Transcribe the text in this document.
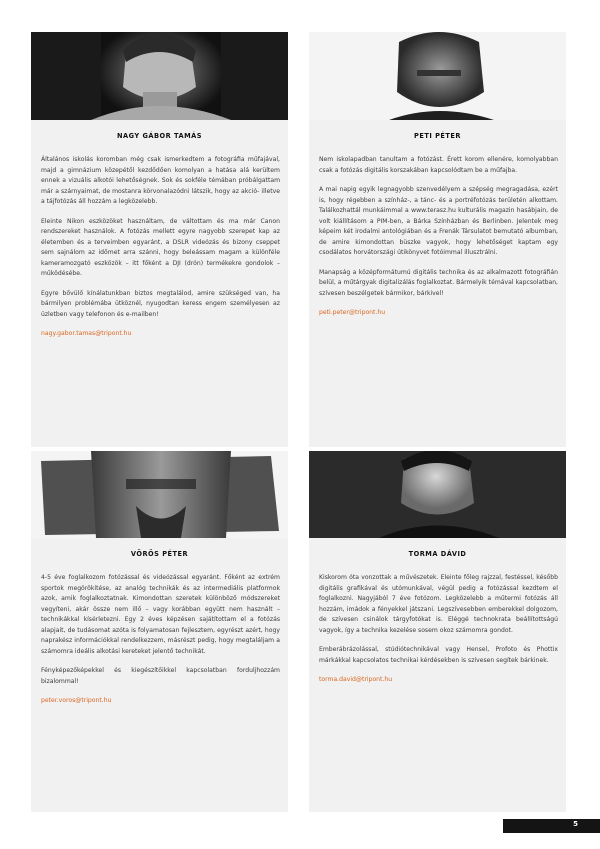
NAGY GÁBOR TAMÁS

Általános iskolás koromban még csak ismerkedtem a fotográfia műfajával, majd a gimnázium közepétől kezdődően komolyan a hatása alá kerültem ennek a vizuális alkotói lehetőségnek. Sok és sokféle témában próbálgattam már a szárnyaimat, de mostanra körvonalazódni látszik, hogy az akció- illetve a tájfotózás áll hozzám a legközelebb.

Eleinte Nikon eszközöket használtam, de váltottam és ma már Canon rendszereket használok. A fotózás mellett egyre nagyobb szerepet kap az életemben és a terveimben egyaránt, a DSLR videózás és bizony cseppet sem sajnálom az időmet arra szánni, hogy beleássam magam a különféle kameramozgató eszközök – itt főként a DJI (drón) termékekre gondolok – működésébe.

Egyre bővülő kínálatunkban biztos megtalálod, amire szükséged van, ha bármilyen problémába ütköznél, nyugodtan keress engem személyesen az üzletben vagy telefonon és e-mailben!

nagy.gabor.tamas@tripont.hu
PETI PÉTER

Nem iskolapadban tanultam a fotózást. Érett korom ellenére, komolyabban csak a fotózás digitális korszakában kapcsolódtam be a műfajba.

A mai napig egyik legnagyobb szenvedélyem a szépség megragadása, ezért is, hogy régebben a színház-, a tánc- és a portréfotózás területén alkottam. Találkozhattál munkáimmal a www.terasz.hu kulturális magazin hasábjain, de volt kiállításom a PIM-ben, a Bárka Színházban és Berlinben. Jelentek meg képeim két irodalmi antológiában és a Frenák Társulatot bemutató albumban, de amire kimondottan büszke vagyok, hogy lehetőséget kaptam egy csodálatos horvátországi útikönyvet fotóimmal illusztrálni.

Manapság a középformátumú digitális technika és az alkalmazott fotográfián belül, a műtárgyak digitalizálás foglalkoztat. Bármelyik témával kapcsolatban, szívesen beszélgetek bármikor, bárkivel!

peti.peter@tripont.hu
VÖRÖS PÉTER

4-5 éve foglalkozom fotózással és videózással egyaránt. Főként az extrém sportok megörökítése, az analóg technikák és az intermediális platformok azok, amik foglalkoztatnak. Kimondottan szeretek különböző módszereket vegyíteni, akár össze nem illő – vagy korábban együtt nem használt – technikákkal kísérletezni. Egy 2 éves képzésen sajátítottam el a fotózás alapjait, de tudásomat azóta is folyamatosan fejlesztem, egyrészt azért, hogy naprakész információkkal rendelkezzem, másrészt pedig, hogy megtaláljam a számomra ideális alkotási kereteket jelentő technikát.

Fényképezőképekkel és kiegészítőikkel kapcsolatban forduljhozzám bizalommal!

peter.voros@tripont.hu
TORMA DÁVID

Kiskorom óta vonzottak a művészetek. Eleinte főleg rajzzal, festéssel, később digitális grafikával és utómunkával, végül pedig a fotózással kezdtem el foglalkozni. Nagyjából 7 éve fotózom. Legközelebb a műtermi fotózás áll hozzám, imádok a fényekkel játszani. Legszívesebben emberekkel dolgozom, de szívesen csinálok tárgyfotókat is. Eléggé technokrata beállítottságú vagyok, így a technika kezelése sosem okoz számomra gondot.

Emberábrázolással, stúdiótechnikával vagy Hensel, Profoto és Phottix márkákkal kapcsolatos technikai kérdésekben is szívesen segítek bárkinek.

torma.david@tripont.hu
5
